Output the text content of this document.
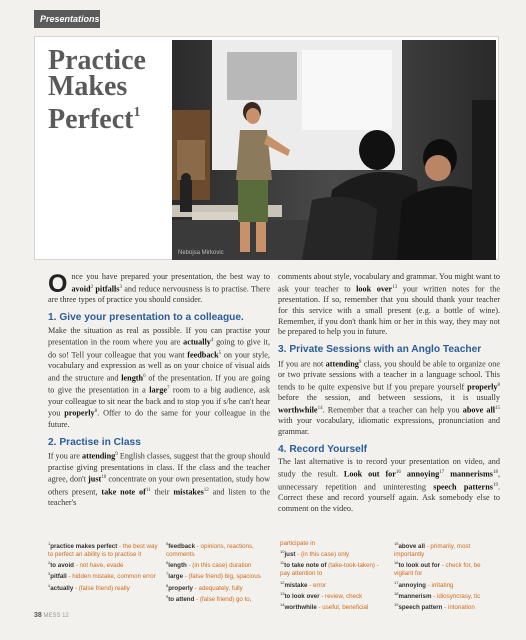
Presentations
Practice
Makes
Perfect$^1$
Nebojsa Mirkovic

Once you have prepared your presentation, the best way to avoid$^2$ pitfalls$^3$ and reduce nervousness is to practise. There are three types of practice you should consider.

1. Give your presentation to a colleague.

Make the situation as real as possible. If you can practise your presentation in the room where you are actually$^4$ going to give it, do so! Tell your colleague that you want feedback$^5$ on your style, vocabulary and expression as well as on your choice of visual aids and the structure and length$^6$ of the presentation. If you are going to give the presentation in a large$^7$ room to a big audience, ask your colleague to sit near the back and to stop you if s/he can't hear you properly$^8$. Offer to do the same for your colleague in the future.

2. Practise in Class

If you are attending$^9$ English classes, suggest that the group should practise giving presentations in class. If the class and the teacher agree, don't just$^{10}$ concentrate on your own presentation, study how others present, take note $of^{11}$ their mistakes$^{12}$ and listen to the teacher's

comments about style, vocabulary and grammar. You might want to ask your teacher to look over$^{13}$ your written notes for the presentation. If so, remember that you should thank your teacher for this service with a small present (e.g. a bottle of wine). Remember, if you don't thank him or her in this way, they may not be prepared to help you in future.

3. Private Sessions with an Anglo Teacher

If you are not attending$^9$ class, you should be able to organize one or two private sessions with a teacher in a language school. This tends to be quite expensive but if you prepare yourself properly$^8$ before the session, and between sessions, it is usually worthwhile$^{14}$. Remember that a teacher can help you above all$^{15}$ with your vocabulary, idiomatic expressions, pronunciation and grammar.

4. Record Yourself

The last alternative is to record your presentation on video, and study the result. Look out for$^{16}$ annoying$^{17}$ mannerisms$^{18}$, unnecessary repetition and uninteresting speech patterns$^{19}$. Correct these and record yourself again. Ask somebody else to comment on the video.

$^1$practice makes perfect - the best way to perfect an ability is to practise it
$^2$to avoid - not have, evade
$^3$pitfall - hidden mistake, common error
$^4$actually - (false friend) really
$^5$feedback - opinions, reactions, comments
$^6$length - (in this case) duration
$^7$large - (false friend) big, spacious
$^8$properly - adequately, fully
$^9$to attend - (false friend) go to,
participate in
$^{10}$just - (in this case) only
$^{11}$to take note of (take-took-taken) - pay attention to
$^{12}$mistake - error
$^{13}$to look over - review, check
$^{14}$worthwhile - useful, beneficial
$^{15}$above all - primarily, most importantly
$^{16}$to look out for - check for, be vigilant for
$^{17}$annoying - irritating
$^{18}$mannerism - idiosyncrasy, tic
$^{19}$speech pattern - intonation
38 MESS 12
